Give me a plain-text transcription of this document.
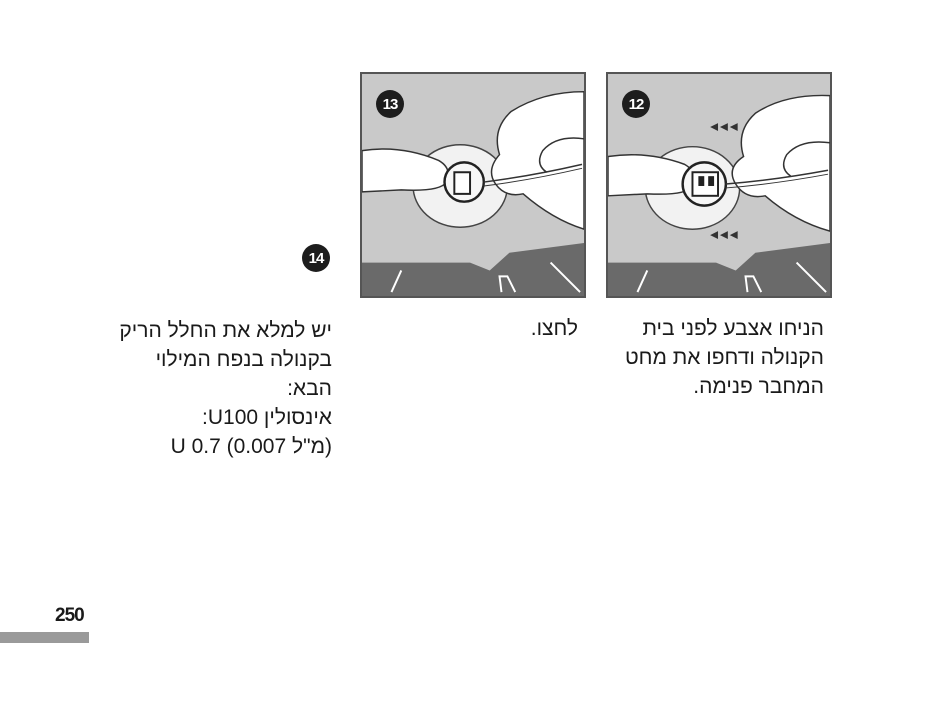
12
13
14
הניחו אצבע לפני בית הקנולה ודחפו את מחט המחבר פנימה.
לחצו.
יש למלא את החלל הריק
בקנולה בנפח המילוי
הבא:
אינסולין U100:
U 0.7 (0.007 מ"ל)
250
